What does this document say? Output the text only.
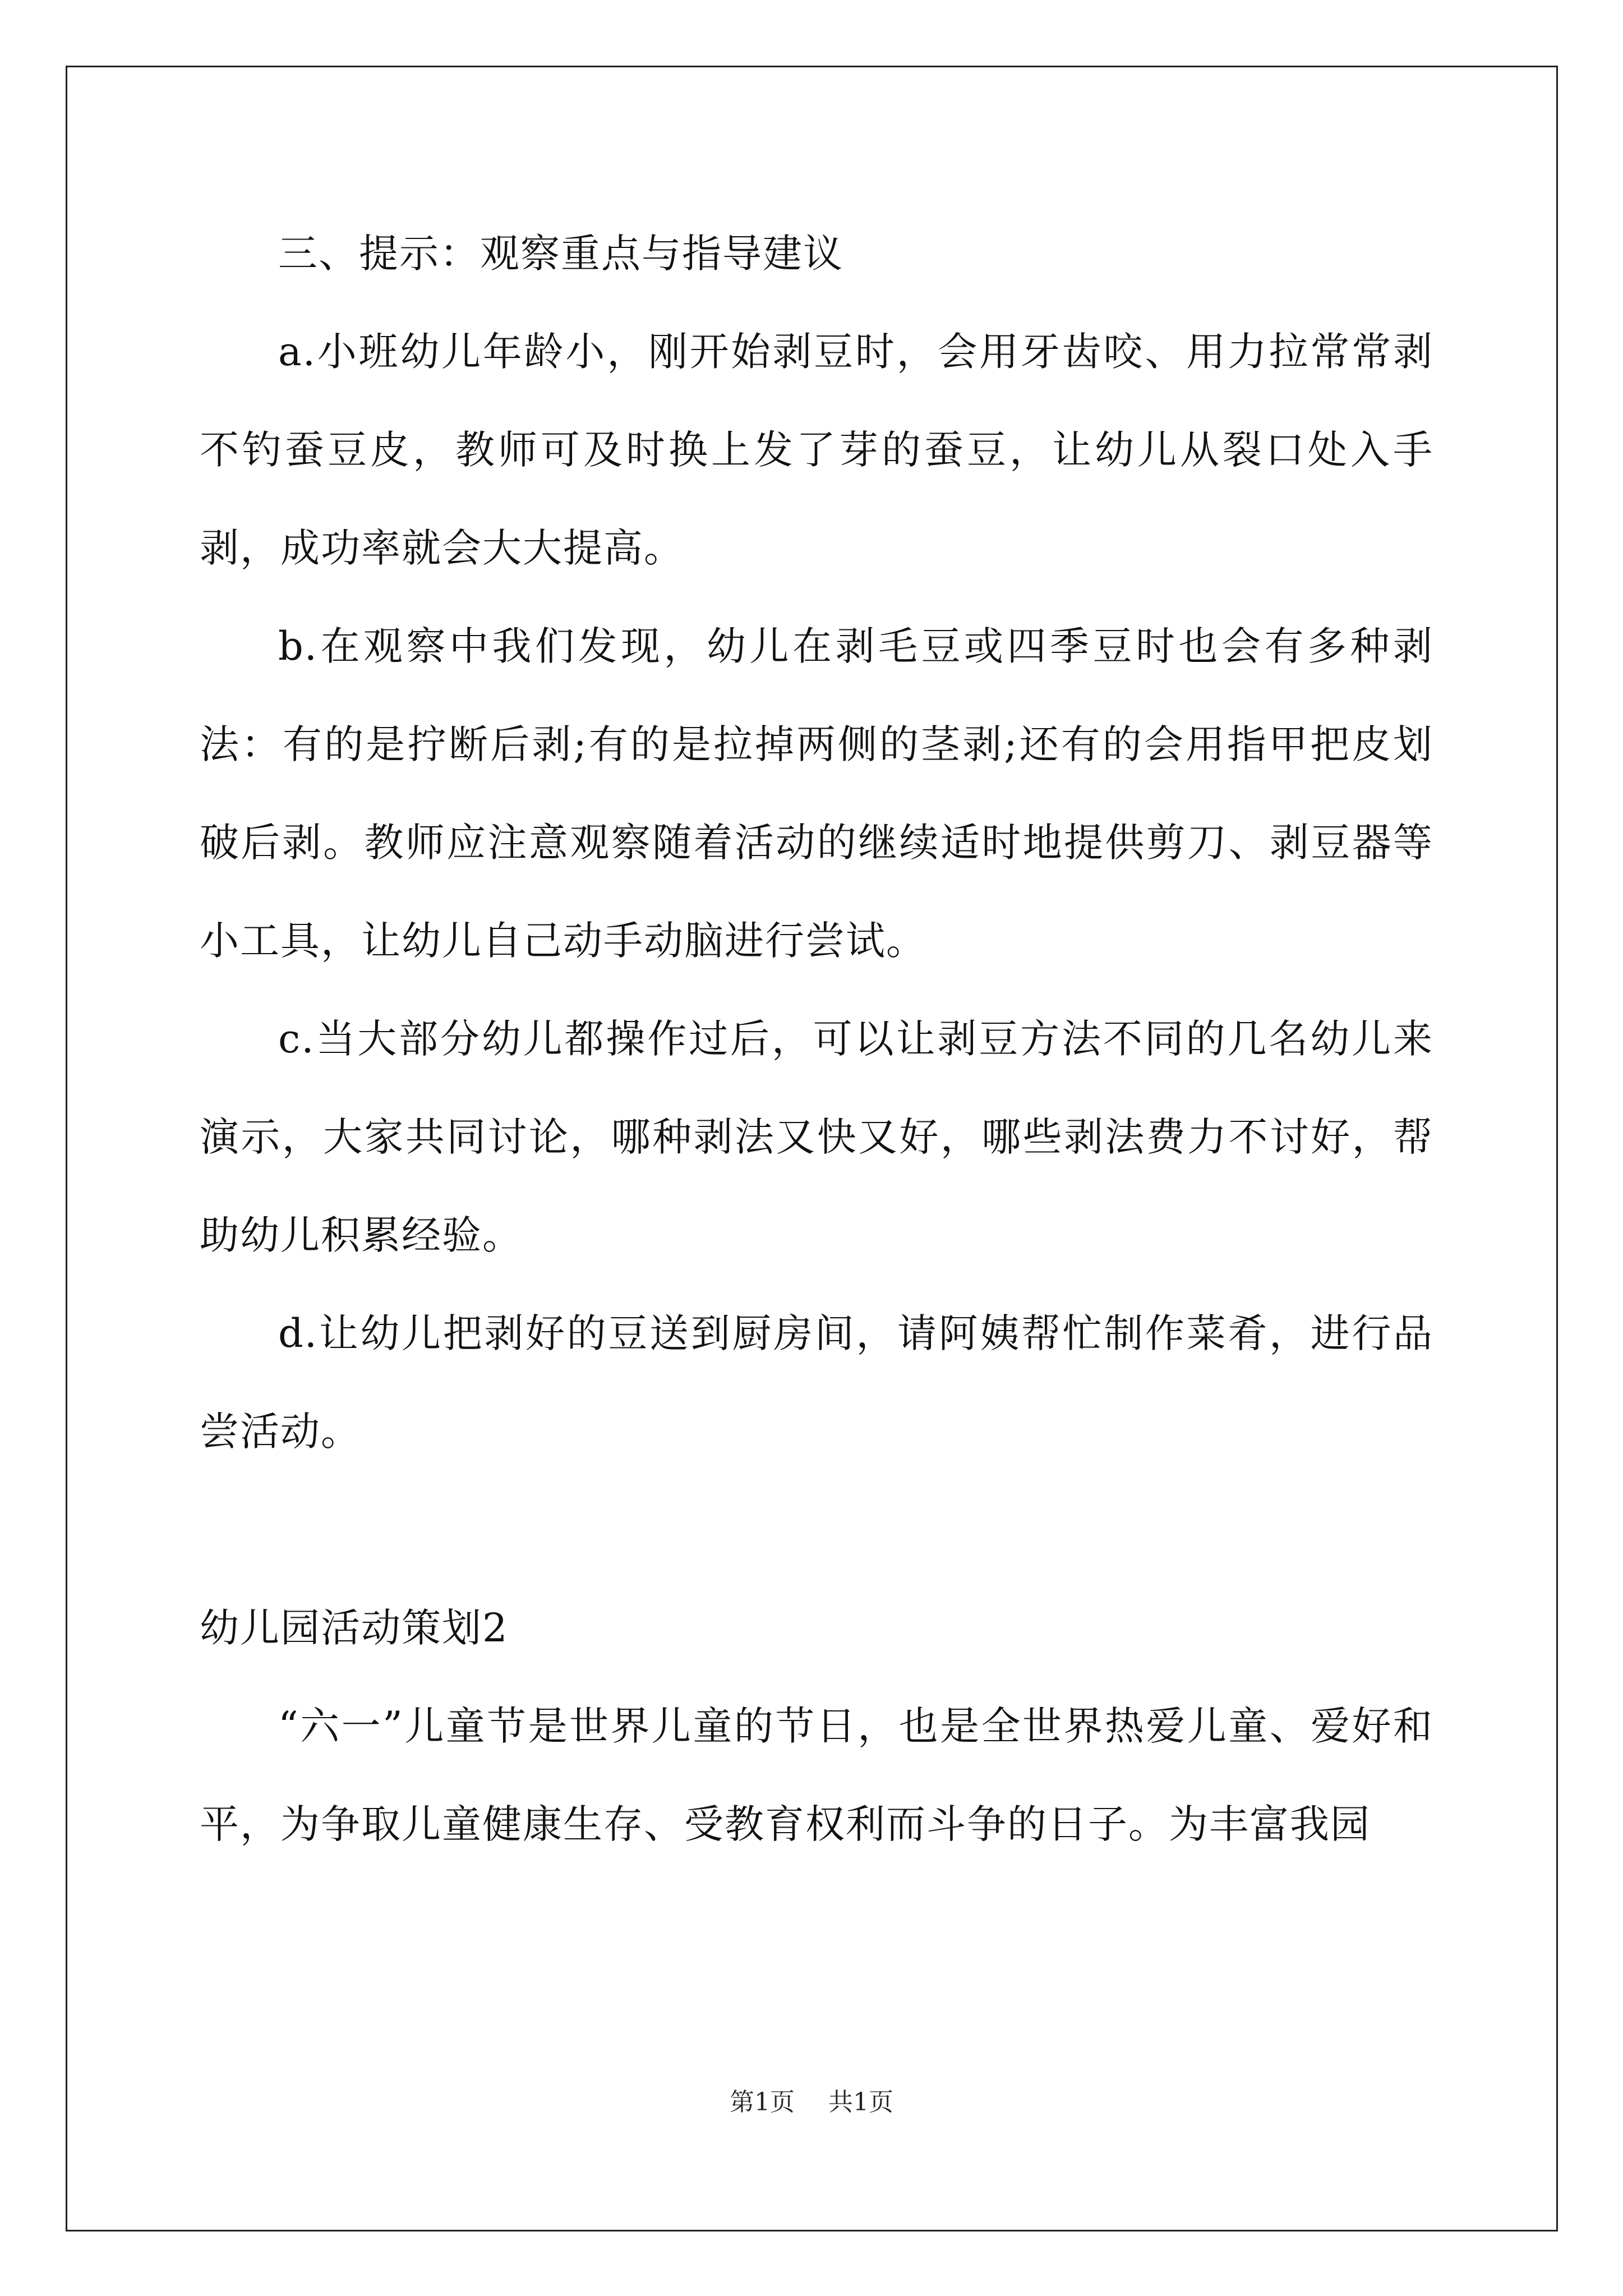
三、提示：观察重点与指导建议

a.小班幼儿年龄小，刚开始剥豆时，会用牙齿咬、用力拉常常剥不钓蚕豆皮，教师可及时换上发了芽的蚕豆，让幼儿从裂口处入手剥，成功率就会大大提高。

b.在观察中我们发现，幼儿在剥毛豆或四季豆时也会有多种剥法：有的是拧断后剥;有的是拉掉两侧的茎剥;还有的会用指甲把皮划破后剥。教师应注意观察随着活动的继续适时地提供剪刀、剥豆器等小工具，让幼儿自己动手动脑进行尝试。

c.当大部分幼儿都操作过后，可以让剥豆方法不同的几名幼儿来演示，大家共同讨论，哪种剥法又快又好，哪些剥法费力不讨好，帮助幼儿积累经验。

d.让幼儿把剥好的豆送到厨房间，请阿姨帮忙制作菜肴，进行品尝活动。

幼儿园活动策划2

“六一”儿童节是世界儿童的节日，也是全世界热爱儿童、爱好和平，为争取儿童健康生存、受教育权利而斗争的日子。为丰富我园

第1页 共1页
